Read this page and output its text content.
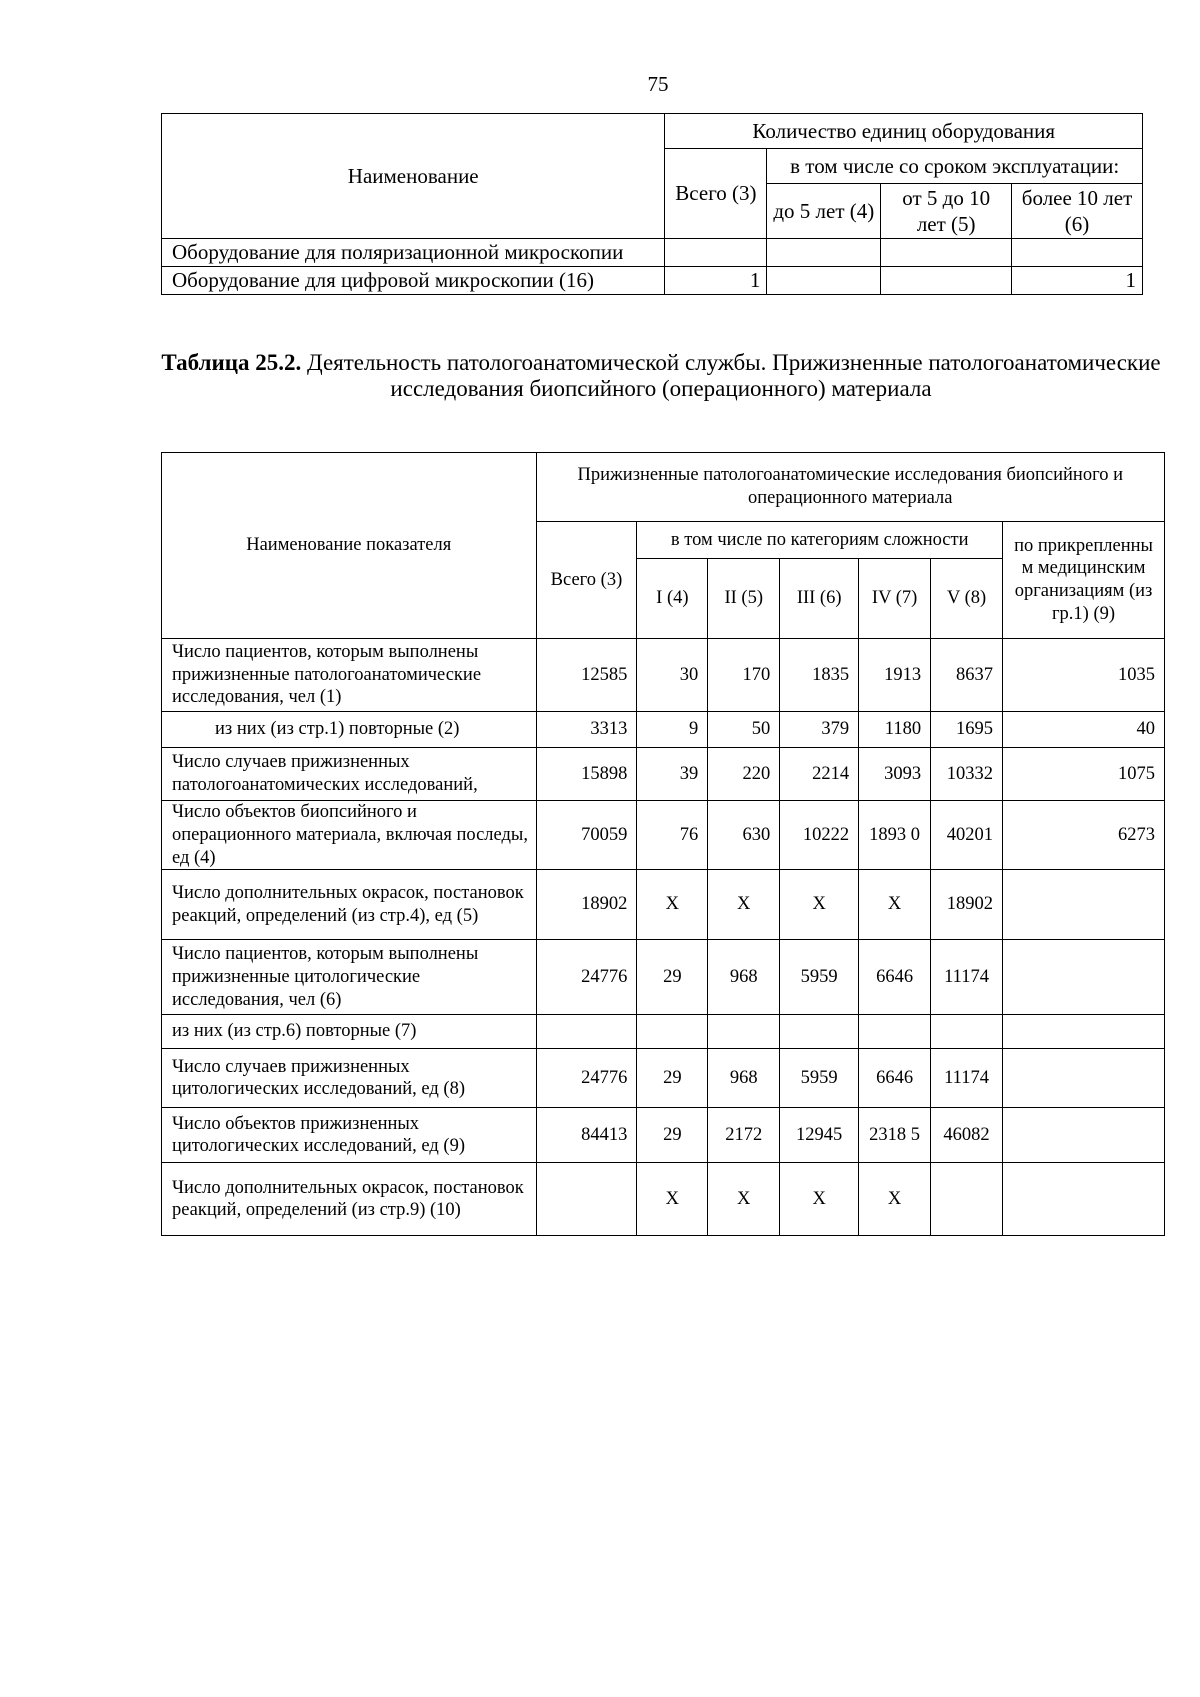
75
Наименование	Количество единиц оборудования			
	Всего (3)	в том числе со сроком эксплуатации:		
		до 5 лет (4)	от 5 до 10 лет (5)	более 10 лет (6)
Оборудование для поляризационной микроскопии				
Оборудование для цифровой микроскопии (16)	1			1
Таблица 25.2. Деятельность патологоанатомической службы. Прижизненные патологоанатомические исследования биопсийного (операционного) материала
Наименование показателя	Прижизненные патологоанатомические исследования биопсийного и операционного материала						
	Всего (3)	в том числе по категориям сложности					по прикрепленны м медицинским организациям (из гр.1) (9)
		I (4)	II (5)	III (6)	IV (7)	V (8)	
Число пациентов, которым выполнены прижизненные патологоанатомические исследования, чел (1)	12585	30	170	1835	1913	8637	1035
из них (из стр.1) повторные (2)	3313	9	50	379	1180	1695	40
Число случаев прижизненных патологоанатомических исследований,	15898	39	220	2214	3093	10332	1075
Число объектов биопсийного и операционного материала, включая последы, ед (4)	70059	76	630	10222	1893 0	40201	6273
Число дополнительных окрасок, постановок реакций, определений (из стр.4), ед (5)	18902	X	X	X	X	18902	
Число пациентов, которым выполнены прижизненные цитологические исследования, чел (6)	24776	29	968	5959	6646	11174	
из них (из стр.6) повторные (7)							
Число случаев прижизненных цитологических исследований, ед (8)	24776	29	968	5959	6646	11174	
Число объектов прижизненных цитологических исследований, ед (9)	84413	29	2172	12945	2318 5	46082	
Число дополнительных окрасок, постановок реакций, определений (из стр.9) (10)		X	X	X	X		
